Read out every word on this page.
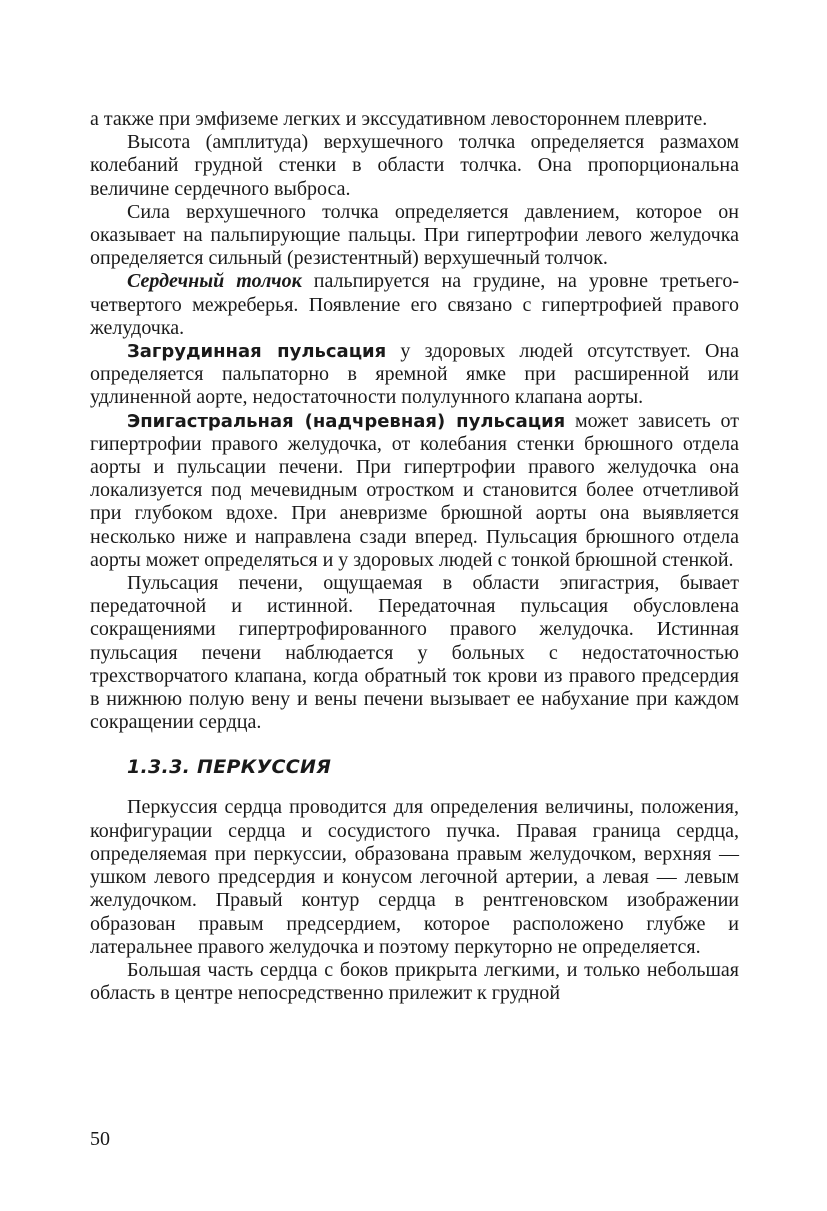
а также при эмфиземе легких и экссудативном левостороннем плеврите.

Высота (амплитуда) верхушечного толчка определяется размахом колебаний грудной стенки в области толчка. Она пропорциональна величине сердечного выброса.

Сила верхушечного толчка определяется давлением, которое он оказывает на пальпирующие пальцы. При гипертрофии левого желудочка определяется сильный (резистентный) верхушечный толчок.

Сердечный толчок пальпируется на грудине, на уровне третьего-четвертого межреберья. Появление его связано с гипертрофией правого желудочка.

Загрудинная пульсация у здоровых людей отсутствует. Она определяется пальпаторно в яремной ямке при расширенной или удлиненной аорте, недостаточности полулунного клапана аорты.

Эпигастральная (надчревная) пульсация может зависеть от гипертрофии правого желудочка, от колебания стенки брюшного отдела аорты и пульсации печени. При гипертрофии правого желудочка она локализуется под мечевидным отростком и становится более отчетливой при глубоком вдохе. При аневризме брюшной аорты она выявляется несколько ниже и направлена сзади вперед. Пульсация брюшного отдела аорты может определяться и у здоровых людей с тонкой брюшной стенкой.

Пульсация печени, ощущаемая в области эпигастрия, бывает передаточной и истинной. Передаточная пульсация обусловлена сокращениями гипертрофированного правого желудочка. Истинная пульсация печени наблюдается у больных с недостаточностью трехстворчатого клапана, когда обратный ток крови из правого предсердия в нижнюю полую вену и вены печени вызывает ее набухание при каждом сокращении сердца.

1.3.3. ПЕРКУССИЯ

Перкуссия сердца проводится для определения величины, положения, конфигурации сердца и сосудистого пучка. Правая граница сердца, определяемая при перкуссии, образована правым желудочком, верхняя — ушком левого предсердия и конусом легочной артерии, а левая — левым желудочком. Правый контур сердца в рентгеновском изображении образован правым предсердием, которое расположено глубже и латеральнее правого желудочка и поэтому перкуторно не определяется.

Большая часть сердца с боков прикрыта легкими, и только небольшая область в центре непосредственно прилежит к грудной

50
